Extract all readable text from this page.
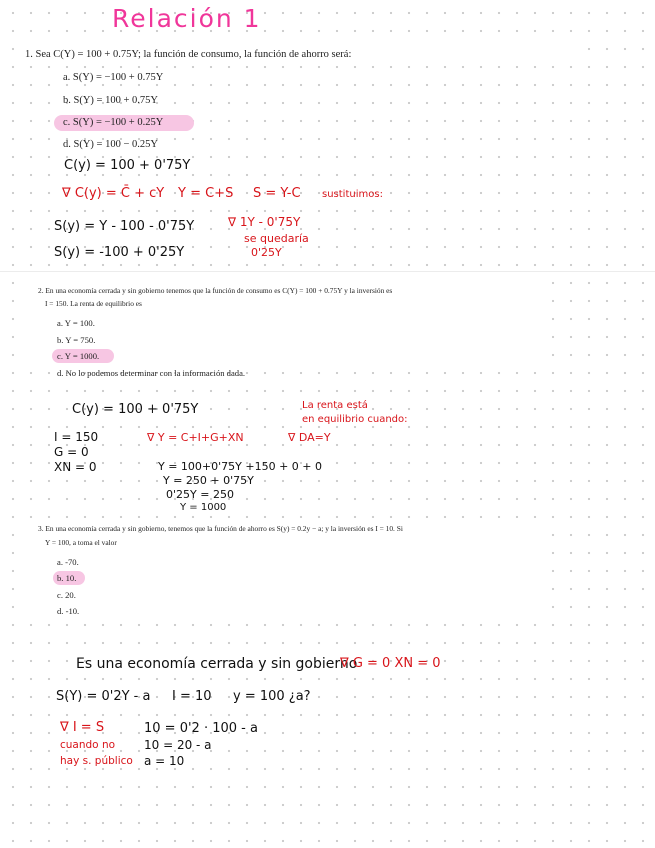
Relación 1
1. Sea C(Y) = 100 + 0.75Y; la función de consumo, la función de ahorro será:
a. S(Y) = −100 + 0.75Y
b. S(Y) = 100 + 0.75Y
c. S(Y) = −100 + 0.25Y
d. S(Y) = 100 − 0.25Y
C(y) = 100 + 0'75Y
∇ C(y) = C̄ + cY Y = C+S S = Y-C sustituimos:
S(y) = Y - 100 - 0'75Y	∇ 1Y - 0'75Y
se quedaría
0'25Y
S(y) = -100 + 0'25Y
2. En una economía cerrada y sin gobierno tenemos que la función de consumo es C(Y) = 100 + 0.75Y y la inversión es
I = 150. La renta de equilibrio es
a. Y = 100.
b. Y = 750.
c. Y = 1000.
d. No lo podemos determinar con la información dada.
C(y) = 100 + 0'75Y	La renta está
en equilibrio cuando:
I = 150
G = 0
XN = 0
∇ Y = C+I+G+XN	∇ DA=Y
Y = 100+0'75Y +150 + 0 + 0
Y = 250 + 0'75Y
0'25Y = 250
Y = 1000
3. En una economía cerrada y sin gobierno, tenemos que la función de ahorro es S(y) = 0.2y − a; y la inversión es I = 10. Si
Y = 100, a toma el valor
a. -70.
b. 10.
c. 20.
d. -10.
Es una economía cerrada y sin gobierno
∇ G = 0 XN = 0
S(Y) = 0'2Y - a I = 10 y = 100 ¿a?
∇ I = S	10 = 0'2 · 100 - a
cuando no 10 = 20 - a
hay s. público a = 10
